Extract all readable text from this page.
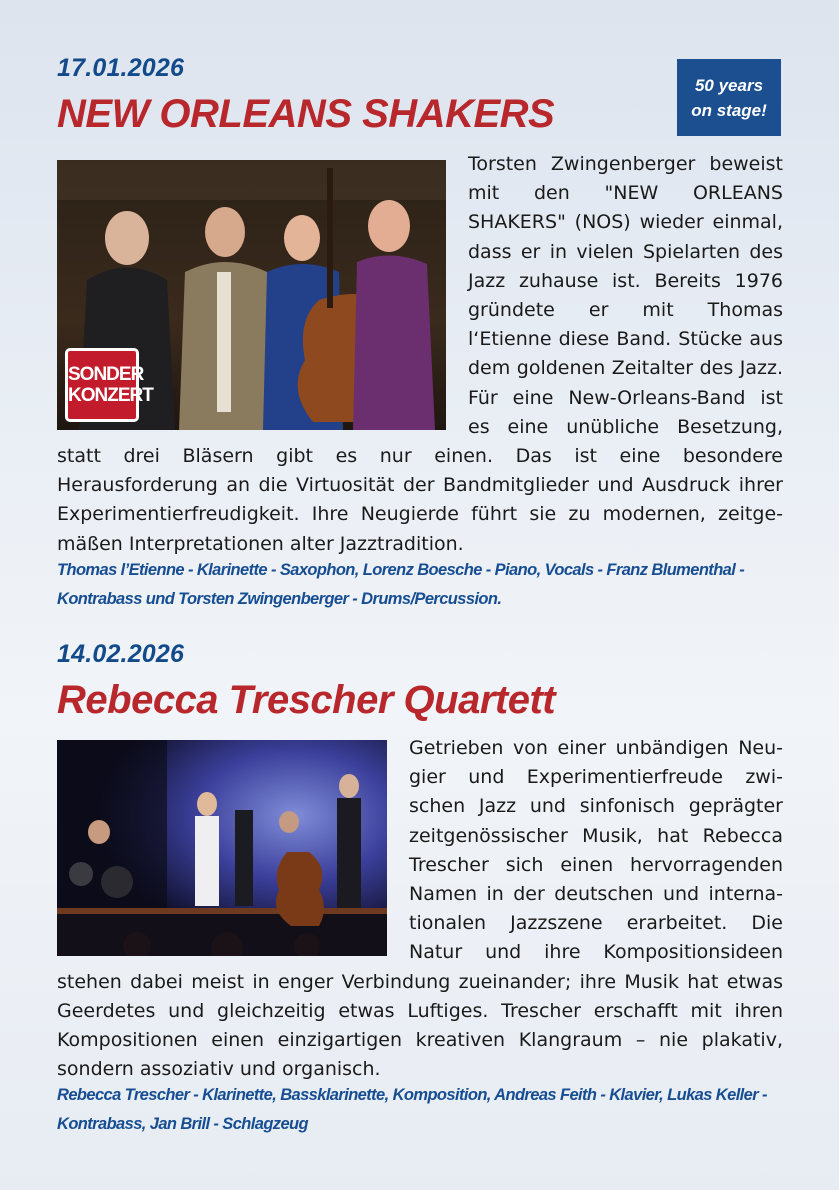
17.01.2026
NEW ORLEANS SHAKERS
50 years
on stage!
SONDER
KONZERT
Torsten Zwingenberger beweist mit den "NEW ORLEANS SHAKERS" (NOS) wieder einmal, dass er in vielen Spielarten des Jazz zuhause ist. Bereits 1976 gründete er mit Thomas l‘Etienne diese Band. Stücke aus dem goldenen Zeitalter des Jazz. Für eine New-Orleans-Band ist es eine unübliche Besetzung, statt drei Bläsern gibt es nur einen. Das ist eine besondere Herausforderung an die Virtuosität der Bandmitglieder und Ausdruck ihrer Experimentierfreudigkeit. Ihre Neugierde führt sie zu modernen, zeitgemäßen Interpretationen alter Jazztradition.
Thomas l’Etienne - Klarinette - Saxophon, Lorenz Boesche - Piano, Vocals - Franz Blumenthal - Kontrabass und Torsten Zwingenberger - Drums/Percussion.
14.02.2026
Rebecca Trescher Quartett
Getrieben von einer unbändigen Neugier und Experimentierfreude zwischen Jazz und sinfonisch geprägter zeitgenössischer Musik, hat Rebecca Trescher sich einen hervorragenden Namen in der deutschen und internationalen Jazzszene erarbeitet. Die Natur und ihre Kompositionsideen stehen dabei meist in enger Verbindung zueinander; ihre Musik hat etwas Geerdetes und gleichzeitig etwas Luftiges. Trescher erschafft mit ihren Kompositionen einen einzigartigen kreativen Klangraum – nie plakativ, sondern assoziativ und organisch.
Rebecca Trescher - Klarinette, Bassklarinette, Komposition, Andreas Feith - Klavier, Lukas Keller - Kontrabass, Jan Brill - Schlagzeug
